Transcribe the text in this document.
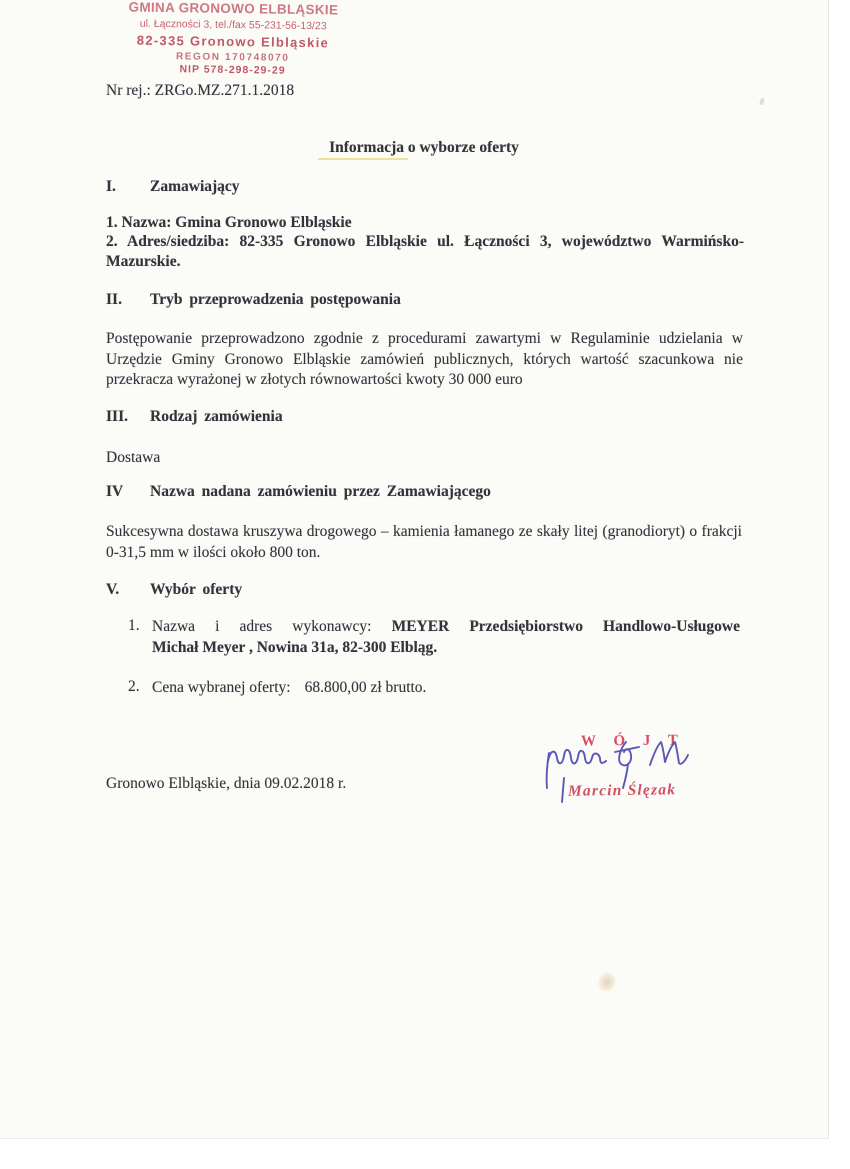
GMINA GRONOWO ELBLĄSKIE
ul. Łączności 3, tel./fax 55-231-56-13/23
82-335 Gronowo Elbląskie
REGON 170748070
NIP 578-298-29-29
Nr rej.: ZRGo.MZ.271.1.2018
Informacja o wyborze oferty
I. Zamawiający
1. Nazwa: Gmina Gronowo Elbląskie
2. Adres/siedziba: 82-335 Gronowo Elbląskie ul. Łączności 3, województwo Warmińsko-Mazurskie.
II. Tryb przeprowadzenia postępowania
Postępowanie przeprowadzono zgodnie z procedurami zawartymi w Regulaminie udzielania w Urzędzie Gminy Gronowo Elbląskie zamówień publicznych, których wartość szacunkowa nie przekracza wyrażonej w złotych równowartości kwoty 30 000 euro
III. Rodzaj zamówienia
Dostawa
IV Nazwa nadana zamówieniu przez Zamawiającego
Sukcesywna dostawa kruszywa drogowego – kamienia łamanego ze skały litej (granodioryt) o frakcji 0-31,5 mm w ilości około 800 ton.
V. Wybór oferty
1. Nazwa i adres wykonawcy: MEYER Przedsiębiorstwo Handlowo-Usługowe
Michał Meyer , Nowina 31a, 82-300 Elbląg.
2. Cena wybranej oferty: 68.800,00 zł brutto.
Gronowo Elbląskie, dnia 09.02.2018 r.
W Ó J T
Marcin Ślęzak
